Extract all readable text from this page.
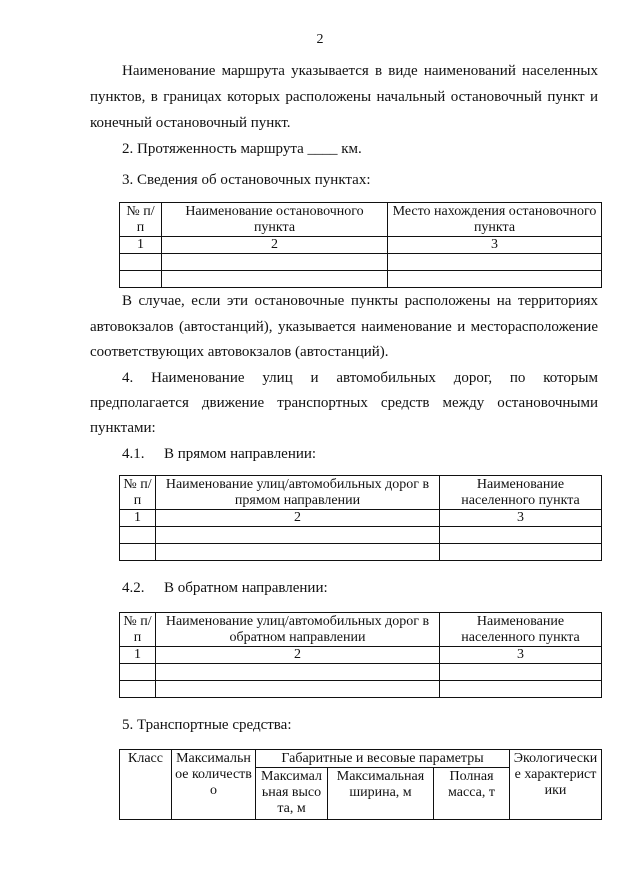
2
Наименование маршрута указывается в виде наименований населенных
пунктов, в границах которых расположены начальный остановочный пункт и
конечный остановочный пункт.
2. Протяженность маршрута ____ км.
3. Сведения об остановочных пунктах:
№ п/п	Наименование остановочного пункта	Место нахождения остановочного пункта
1	2	3

В случае, если эти остановочные пункты расположены на территориях
автовокзалов (автостанций), указывается наименование и месторасположение
соответствующих автовокзалов (автостанций).
4. Наименование улиц и автомобильных дорог, по которым
предполагается движение транспортных средств между остановочными
пунктами:
4.1. В прямом направлении:
№ п/п	Наименование улиц/автомобильных дорог в прямом направлении	Наименование населенного пункта
1	2	3

4.2. В обратном направлении:
№ п/п	Наименование улиц/автомобильных дорог в обратном направлении	Наименование населенного пункта
1	2	3

5. Транспортные средства:
Класс	Максимальное количество	Габаритные и весовые параметры			Экологические характеристики
		Максимальная высота, м	Максимальная ширина, м	Полная масса, т	
